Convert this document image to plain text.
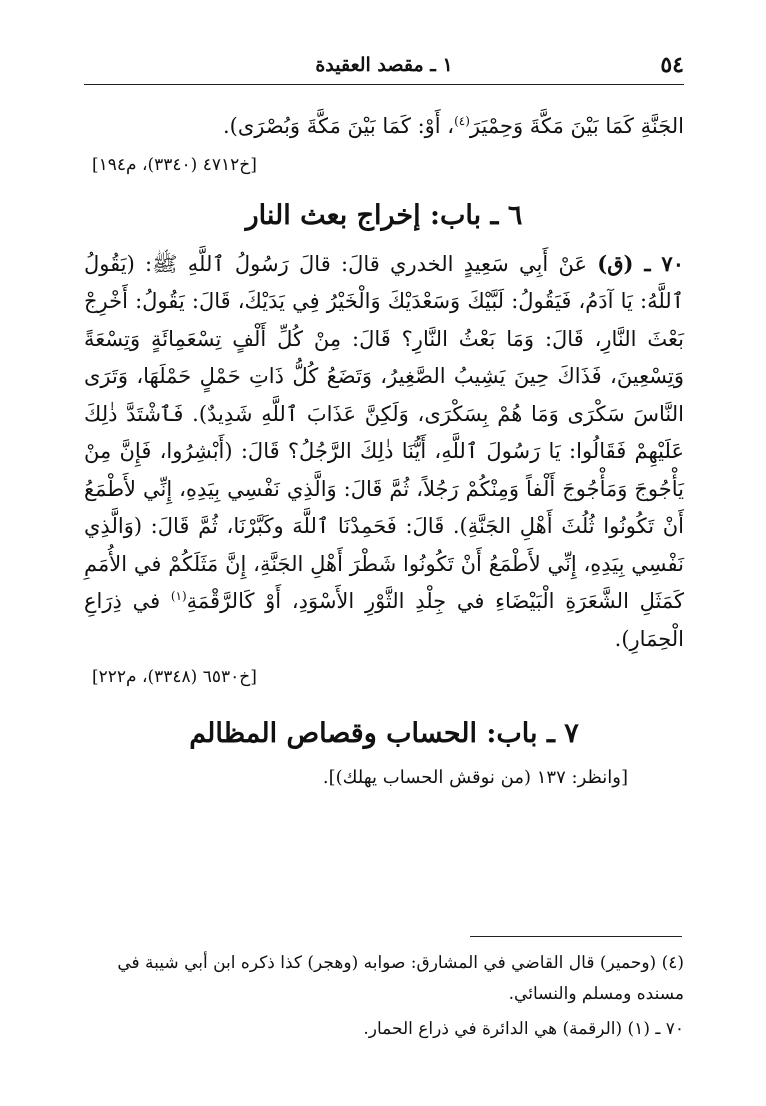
٥٤
١ ـ مقصد العقيدة

الجَنَّةِ كَمَا بَيْنَ مَكَّةَ وَحِمْيَرَ$^{(٤)}$، أَوْ: كَمَا بَيْنَ مَكَّةَ وَبُصْرَى).

[خ٤٧١٢ (٣٣٤٠)، م١٩٤]

٦ ـ باب: إخراج بعث النار

٧٠ ـ (ق) عَنْ أَبِي سَعِيدٍ الخدري قالَ: قالَ رَسُولُ ٱللَّهِ ﷺ: (يَقُولُ ٱللَّهُ: يَا آدَمُ، فَيَقُولُ: لَبَّيْكَ وَسَعْدَيْكَ وَالْخَيْرُ فِي يَدَيْكَ، قَالَ: يَقُولُ: أَخْرِجْ بَعْثَ النَّارِ، قَالَ: وَمَا بَعْثُ النَّارِ؟ قَالَ: مِنْ كُلِّ أَلْفٍ تِسْعَمِائَةٍ وَتِسْعَةً وَتِسْعِينَ، فَذَاكَ حِينَ يَشِيبُ الصَّغِيرُ، وَتَضَعُ كُلُّ ذَاتِ حَمْلٍ حَمْلَهَا، وَتَرَى النَّاسَ سَكْرَى وَمَا هُمْ بِسَكْرَى، وَلَكِنَّ عَذَابَ ٱللَّهِ شَدِيدٌ). فَٱشْتَدَّ ذٰلِكَ عَلَيْهِمْ فَقَالُوا: يَا رَسُولَ ٱللَّهِ، أَيُّنَا ذٰلِكَ الرَّجُلُ؟ قَالَ: (أَبْشِرُوا، فَإِنَّ مِنْ يَأْجُوجَ وَمَأْجُوجَ أَلْفاً وَمِنْكُمْ رَجُلاً، ثُمَّ قَالَ: وَالَّذِي نَفْسِي بِيَدِهِ، إِنِّي لأَطْمَعُ أَنْ تَكُونُوا ثُلُثَ أَهْلِ الجَنَّةِ). قَالَ: فَحَمِدْنَا ٱللَّهَ وكَبَّرْنَا، ثُمَّ قَالَ: (وَالَّذِي نَفْسِي بِيَدِهِ، إِنِّي لأَطْمَعُ أَنْ تَكُونُوا شَطْرَ أَهْلِ الجَنَّةِ، إِنَّ مَثَلَكُمْ في الأُمَمِ كَمَثَلِ الشَّعَرَةِ الْبَيْضَاءِ في جِلْدِ الثَّوْرِ الأَسْوَدِ، أَوْ كَالرَّقْمَةِ$^{(١)}$ في ذِرَاعِ الْحِمَارِ).

[خ٦٥٣٠ (٣٣٤٨)، م٢٢٢]

٧ ـ باب: الحساب وقصاص المظالم

[وانظر: ١٣٧ (من نوقش الحساب يهلك)].

(٤) (وحمير) قال القاضي في المشارق: صوابه (وهجر) كذا ذكره ابن أبي شيبة في مسنده ومسلم والنسائي.

٧٠ ـ (١) (الرقمة) هي الدائرة في ذراع الحمار.
